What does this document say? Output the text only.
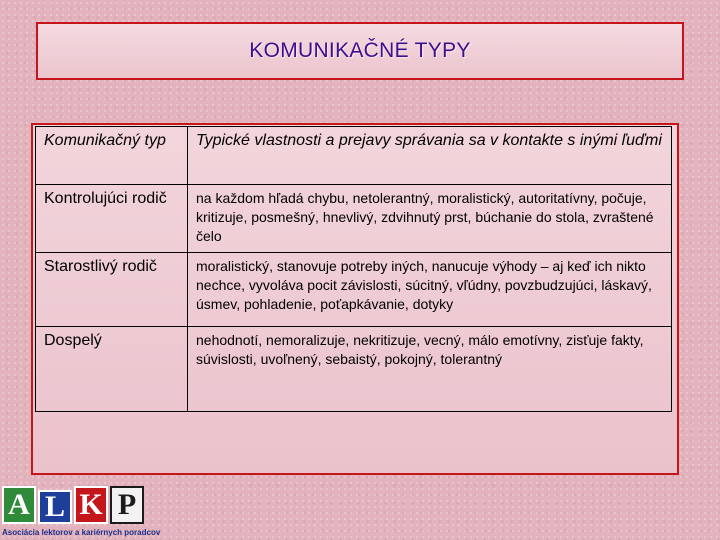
KOMUNIKAČNÉ TYPY
Komunikačný typ	Typické vlastnosti a prejavy správania sa v kontakte s inými ľuďmi
Kontrolujúci rodič	na každom hľadá chybu, netolerantný, moralistický, autoritatívny, počuje, kritizuje, posmešný, hnevlivý, zdvihnutý prst, búchanie do stola, zvraštené čelo
Starostlivý rodič	moralistický, stanovuje potreby iných, nanucuje výhody – aj keď ich nikto nechce, vyvoláva pocit závislosti, súcitný, vľúdny, povzbudzujúci, láskavý, úsmev, pohladenie, poťapkávanie, dotyky
Dospelý	nehodnotí, nemoralizuje, nekritizuje, vecný, málo emotívny, zisťuje fakty, súvislosti, uvoľnený, sebaistý, pokojný, tolerantný
A L K P
Asociácia lektorov a kariérnych poradcov
